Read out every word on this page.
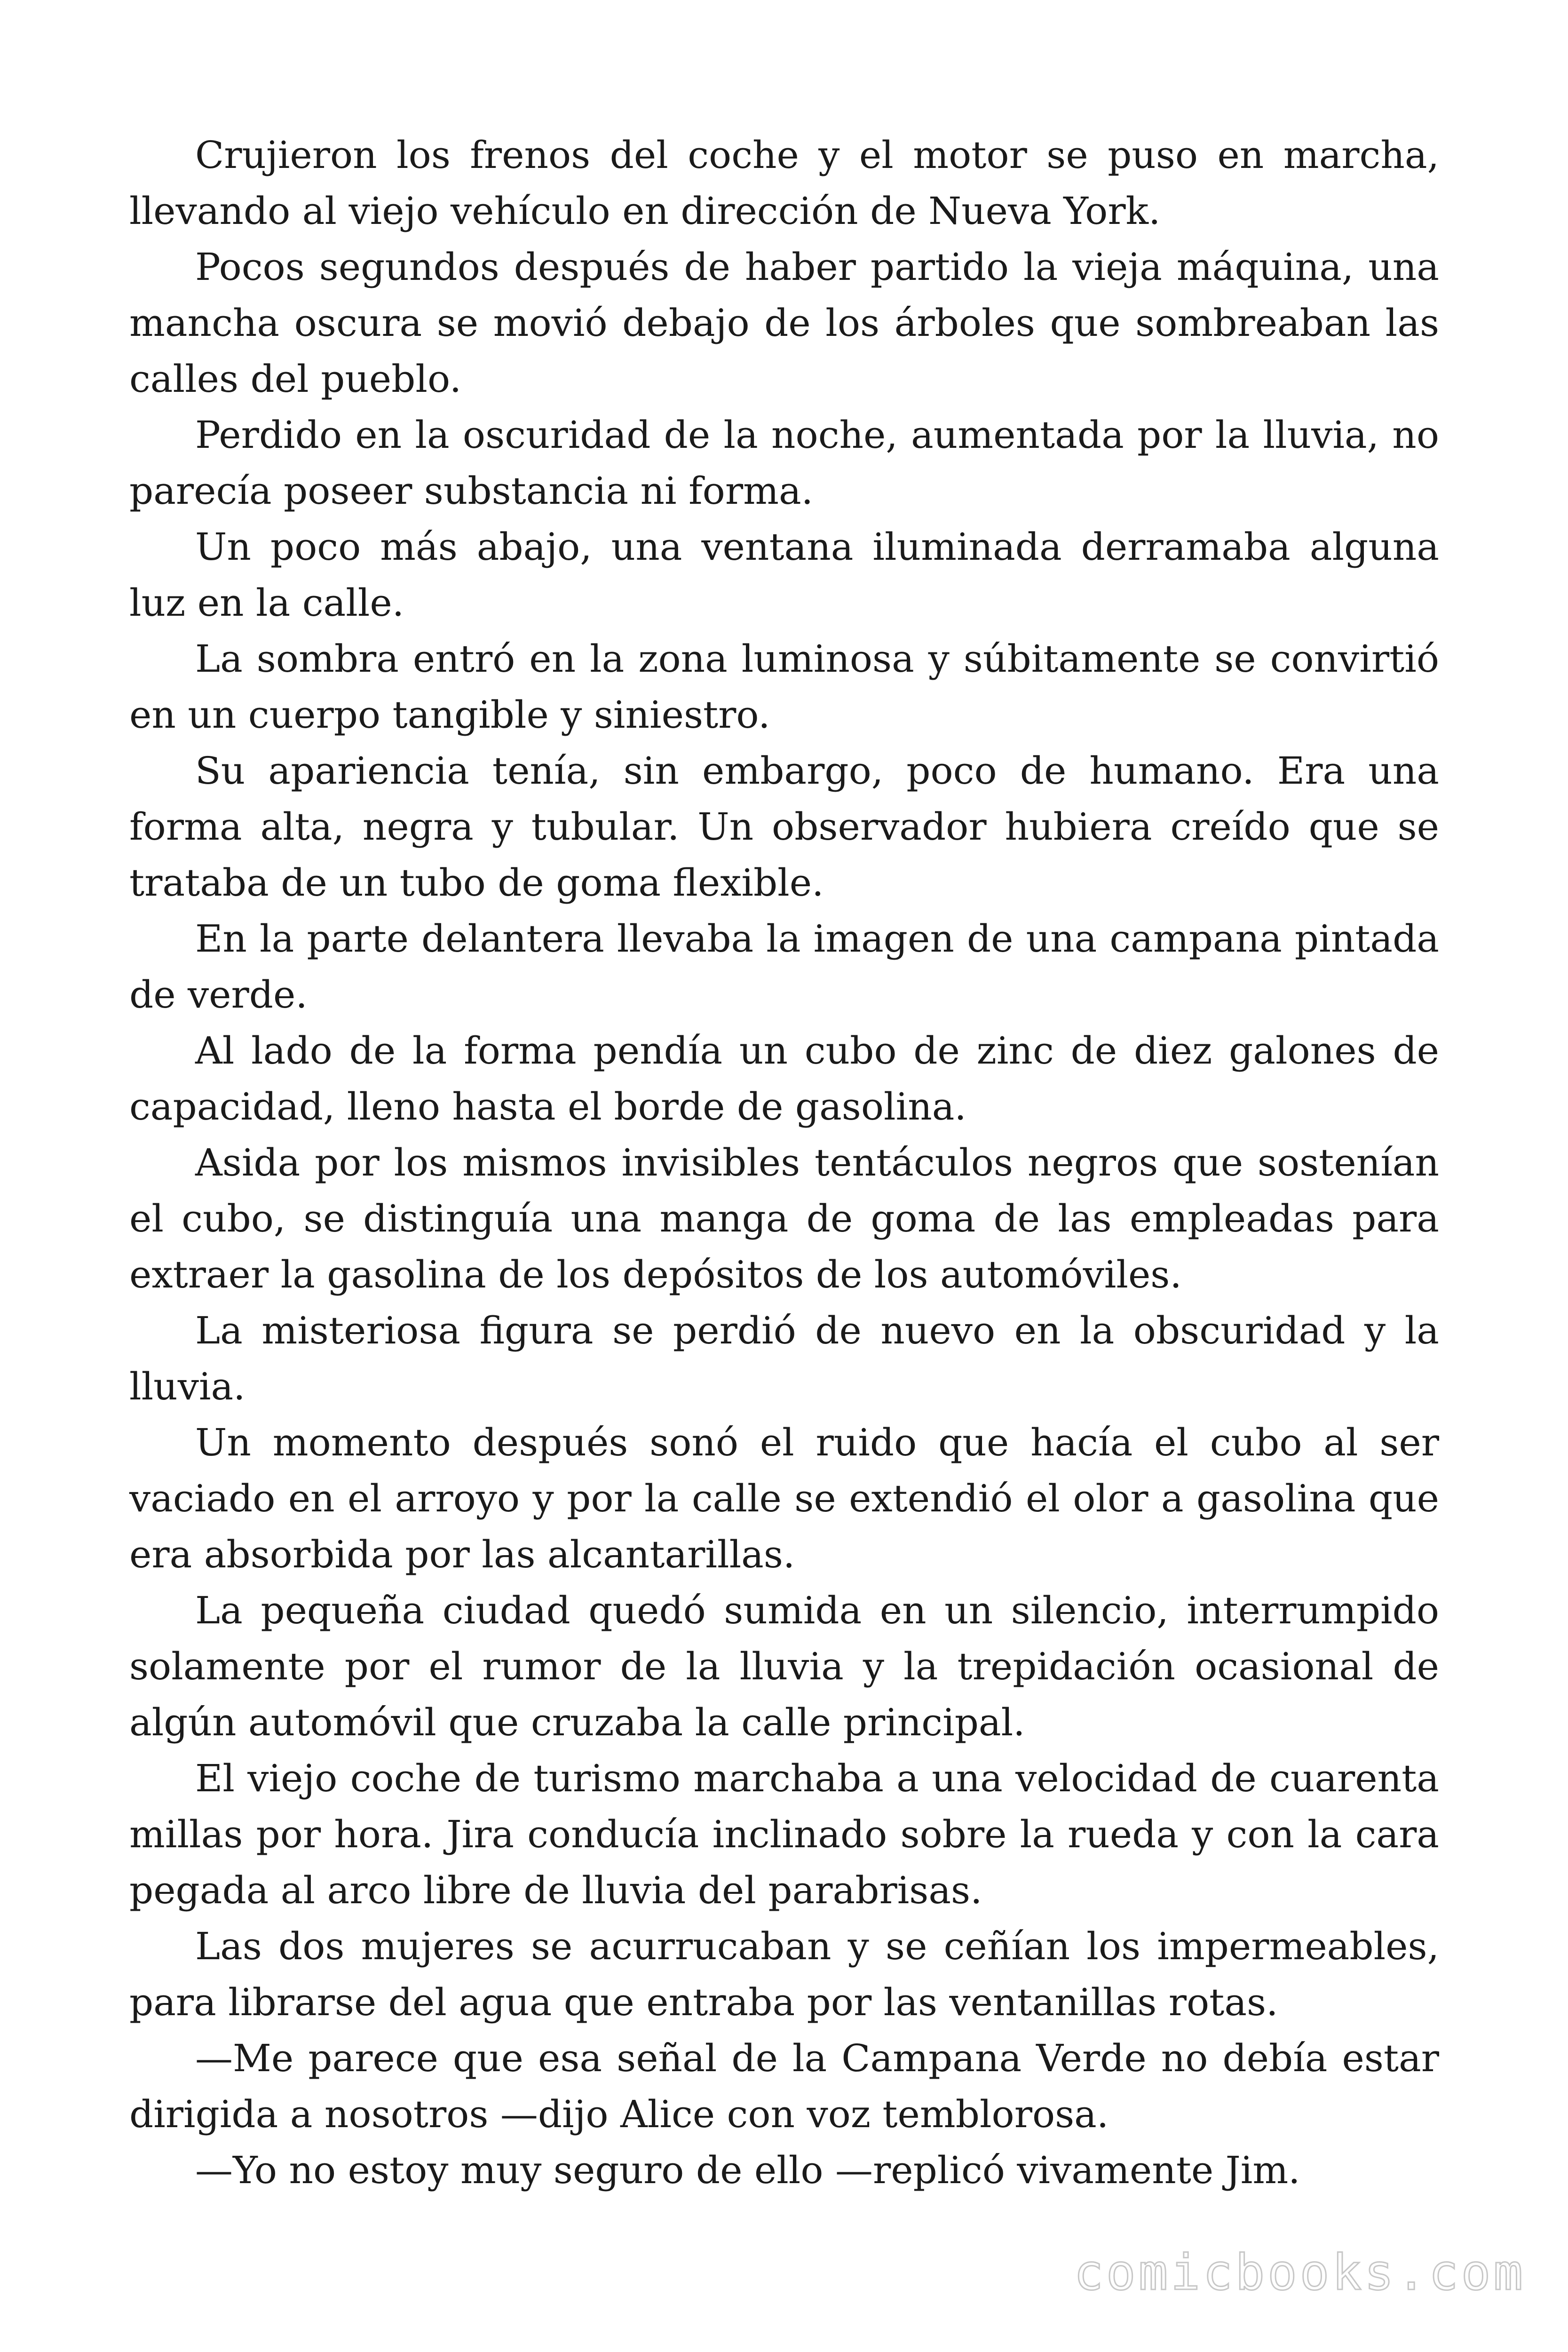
Crujieron los frenos del coche y el motor se puso en marcha, llevando al viejo vehículo en dirección de Nueva York.

Pocos segundos después de haber partido la vieja máquina, una mancha oscura se movió debajo de los árboles que sombreaban las calles del pueblo.

Perdido en la oscuridad de la noche, aumentada por la lluvia, no parecía poseer substancia ni forma.

Un poco más abajo, una ventana iluminada derramaba alguna luz en la calle.

La sombra entró en la zona luminosa y súbitamente se convirtió en un cuerpo tangible y siniestro.

Su apariencia tenía, sin embargo, poco de humano. Era una forma alta, negra y tubular. Un observador hubiera creído que se trataba de un tubo de goma flexible.

En la parte delantera llevaba la imagen de una campana pintada de verde.

Al lado de la forma pendía un cubo de zinc de diez galones de capacidad, lleno hasta el borde de gasolina.

Asida por los mismos invisibles tentáculos negros que sostenían el cubo, se distinguía una manga de goma de las empleadas para extraer la gasolina de los depósitos de los automóviles.

La misteriosa figura se perdió de nuevo en la obscuridad y la lluvia.

Un momento después sonó el ruido que hacía el cubo al ser vaciado en el arroyo y por la calle se extendió el olor a gasolina que era absorbida por las alcantarillas.

La pequeña ciudad quedó sumida en un silencio, interrumpido solamente por el rumor de la lluvia y la trepidación ocasional de algún automóvil que cruzaba la calle principal.

El viejo coche de turismo marchaba a una velocidad de cuarenta millas por hora. Jira conducía inclinado sobre la rueda y con la cara pegada al arco libre de lluvia del parabrisas.

Las dos mujeres se acurrucaban y se ceñían los impermeables, para librarse del agua que entraba por las ventanillas rotas.

—Me parece que esa señal de la Campana Verde no debía estar dirigida a nosotros —dijo Alice con voz temblorosa.

—Yo no estoy muy seguro de ello —replicó vivamente Jim.

comicbooks.com
